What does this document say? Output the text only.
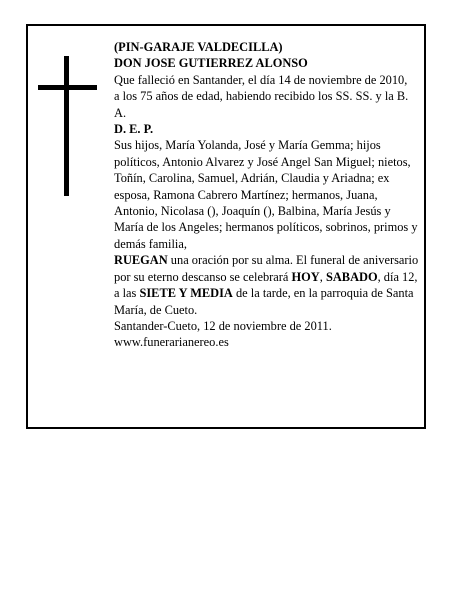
(PIN-GARAJE VALDECILLA)

DON JOSE GUTIERREZ ALONSO

Que falleció en Santander, el día 14 de noviembre de 2010,

a los 75 años de edad, habiendo recibido los SS. SS. y la B. A.

D. E. P.

Sus hijos, María Yolanda, José y María Gemma; hijos políticos, Antonio Alvarez y José Angel San Miguel; nietos, Toñín, Carolina, Samuel, Adrián, Claudia y Ariadna; ex esposa, Ramona Cabrero Martínez; hermanos, Juana, Antonio, Nicolasa (), Joaquín (), Balbina, María Jesús y María de los Angeles; hermanos políticos, sobrinos, primos y demás familia,

RUEGAN una oración por su alma. El funeral de aniversario por su eterno descanso se celebrará HOY, SABADO, día 12, a las SIETE Y MEDIA de la tarde, en la parroquia de Santa María, de Cueto.

Santander-Cueto, 12 de noviembre de 2011.

www.funerarianereo.es
